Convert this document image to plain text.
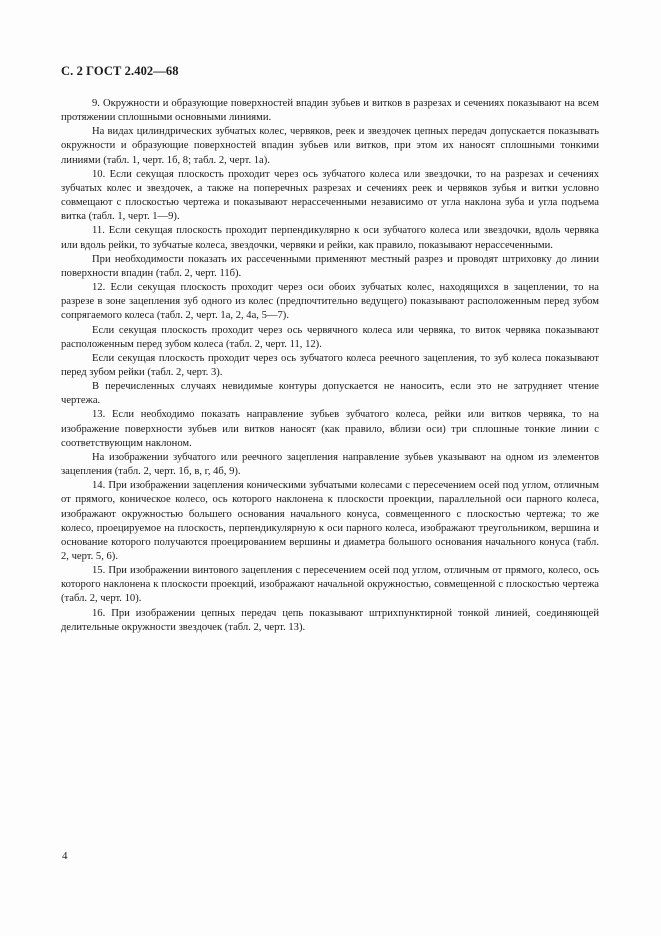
С. 2 ГОСТ 2.402—68

9. Окружности и образующие поверхностей впадин зубьев и витков в разрезах и сечениях показывают на всем протяжении сплошными основными линиями.

На видах цилиндрических зубчатых колес, червяков, реек и звездочек цепных передач допускается показывать окружности и образующие поверхностей впадин зубьев или витков, при этом их наносят сплошными тонкими линиями (табл. 1, черт. 1б, 8; табл. 2, черт. 1а).

10. Если секущая плоскость проходит через ось зубчатого колеса или звездочки, то на разрезах и сечениях зубчатых колес и звездочек, а также на поперечных разрезах и сечениях реек и червяков зубья и витки условно совмещают с плоскостью чертежа и показывают нерассеченными независимо от угла наклона зуба и угла подъема витка (табл. 1, черт. 1—9).

11. Если секущая плоскость проходит перпендикулярно к оси зубчатого колеса или звездочки, вдоль червяка или вдоль рейки, то зубчатые колеса, звездочки, червяки и рейки, как правило, показывают нерассеченными.

При необходимости показать их рассеченными применяют местный разрез и проводят штриховку до линии поверхности впадин (табл. 2, черт. 11б).

12. Если секущая плоскость проходит через оси обоих зубчатых колес, находящихся в зацеплении, то на разрезе в зоне зацепления зуб одного из колес (предпочтительно ведущего) показывают расположенным перед зубом сопрягаемого колеса (табл. 2, черт. 1а, 2, 4а, 5—7).

Если секущая плоскость проходит через ось червячного колеса или червяка, то виток червяка показывают расположенным перед зубом колеса (табл. 2, черт. 11, 12).

Если секущая плоскость проходит через ось зубчатого колеса реечного зацепления, то зуб колеса показывают перед зубом рейки (табл. 2, черт. 3).

В перечисленных случаях невидимые контуры допускается не наносить, если это не затрудняет чтение чертежа.

13. Если необходимо показать направление зубьев зубчатого колеса, рейки или витков червяка, то на изображение поверхности зубьев или витков наносят (как правило, вблизи оси) три сплошные тонкие линии с соответствующим наклоном.

На изображении зубчатого или реечного зацепления направление зубьев указывают на одном из элементов зацепления (табл. 2, черт. 1б, в, г, 4б, 9).

14. При изображении зацепления коническими зубчатыми колесами с пересечением осей под углом, отличным от прямого, коническое колесо, ось которого наклонена к плоскости проекции, параллельной оси парного колеса, изображают окружностью большего основания начального конуса, совмещенного с плоскостью чертежа; то же колесо, проецируемое на плоскость, перпендикулярную к оси парного колеса, изображают треугольником, вершина и основание которого получаются проецированием вершины и диаметра большого основания начального конуса (табл. 2, черт. 5, 6).

15. При изображении винтового зацепления с пересечением осей под углом, отличным от прямого, колесо, ось которого наклонена к плоскости проекций, изображают начальной окружностью, совмещенной с плоскостью чертежа (табл. 2, черт. 10).

16. При изображении цепных передач цепь показывают штрихпунктирной тонкой линией, соединяющей делительные окружности звездочек (табл. 2, черт. 13).

4
